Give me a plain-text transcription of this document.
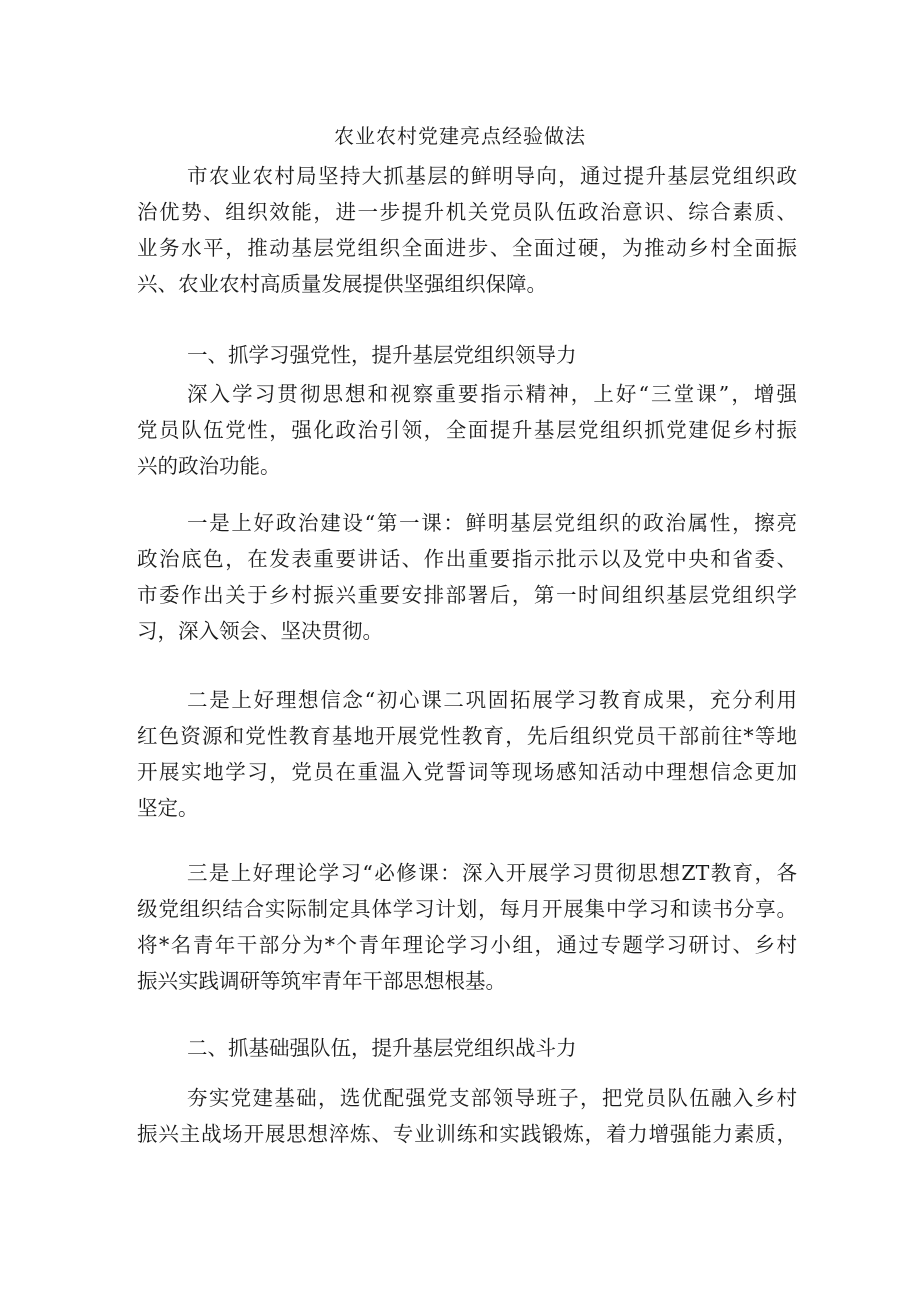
农业农村党建亮点经验做法
市农业农村局坚持大抓基层的鲜明导向，通过提升基层党组织政
治优势、组织效能，进一步提升机关党员队伍政治意识、综合素质、
业务水平，推动基层党组织全面进步、全面过硬，为推动乡村全面振
兴、农业农村高质量发展提供坚强组织保障。
一、抓学习强党性，提升基层党组织领导力
深入学习贯彻思想和视察重要指示精神，上好“三堂课”，增强
党员队伍党性，强化政治引领，全面提升基层党组织抓党建促乡村振
兴的政治功能。
一是上好政治建设“第一课：鲜明基层党组织的政治属性，擦亮
政治底色，在发表重要讲话、作出重要指示批示以及党中央和省委、
市委作出关于乡村振兴重要安排部署后，第一时间组织基层党组织学
习，深入领会、坚决贯彻。
二是上好理想信念“初心课二巩固拓展学习教育成果，充分利用
红色资源和党性教育基地开展党性教育，先后组织党员干部前往*等地
开展实地学习，党员在重温入党誓词等现场感知活动中理想信念更加
坚定。
三是上好理论学习“必修课：深入开展学习贯彻思想ZT教育，各
级党组织结合实际制定具体学习计划，每月开展集中学习和读书分享。
将*名青年干部分为*个青年理论学习小组，通过专题学习研讨、乡村
振兴实践调研等筑牢青年干部思想根基。
二、抓基础强队伍，提升基层党组织战斗力
夯实党建基础，选优配强党支部领导班子，把党员队伍融入乡村
振兴主战场开展思想淬炼、专业训练和实践锻炼，着力增强能力素质，
